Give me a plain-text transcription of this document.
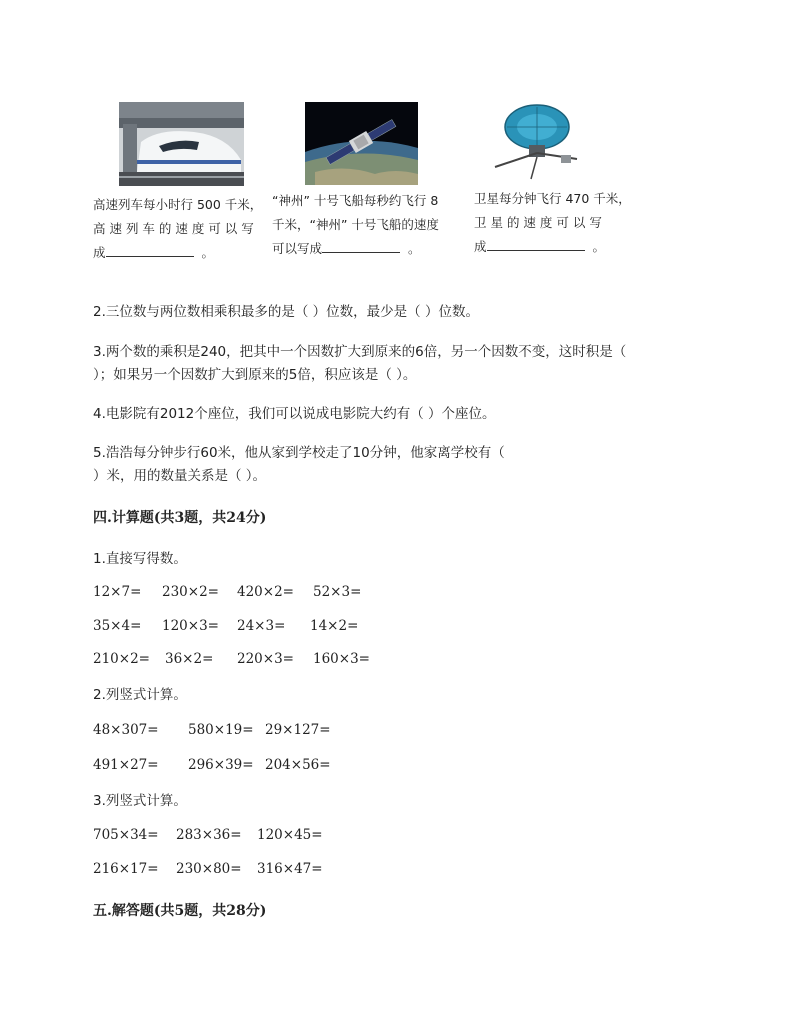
高速列车每小时行 500 千米，
高 速 列 车 的 速 度 可 以 写
成	。
“神州” 十号飞船每秒约飞行 8
千米，“神州” 十号飞船的速度
可以写成	。
卫星每分钟飞行 470 千米，
卫 星 的 速 度 可 以 写
成	。
2.三位数与两位数相乘积最多的是（ ）位数，最少是（ ）位数。
3.两个数的乘积是240，把其中一个因数扩大到原来的6倍，另一个因数不变，这时积是（
）；如果另一个因数扩大到原来的5倍，积应该是（ ）。
4.电影院有2012个座位，我们可以说成电影院大约有（ ）个座位。
5.浩浩每分钟步行60米，他从家到学校走了10分钟，他家离学校有（
）米，用的数量关系是（ ）。
四.计算题(共3题，共24分)
1.直接写得数。
12×7= 230×2= 420×2= 52×3=
35×4= 120×3= 24×3= 14×2=
210×2= 36×2= 220×3= 160×3=
2.列竖式计算。
48×307= 580×19= 29×127=
491×27= 296×39= 204×56=
3.列竖式计算。
705×34= 283×36= 120×45=
216×17= 230×80= 316×47=
五.解答题(共5题，共28分)
